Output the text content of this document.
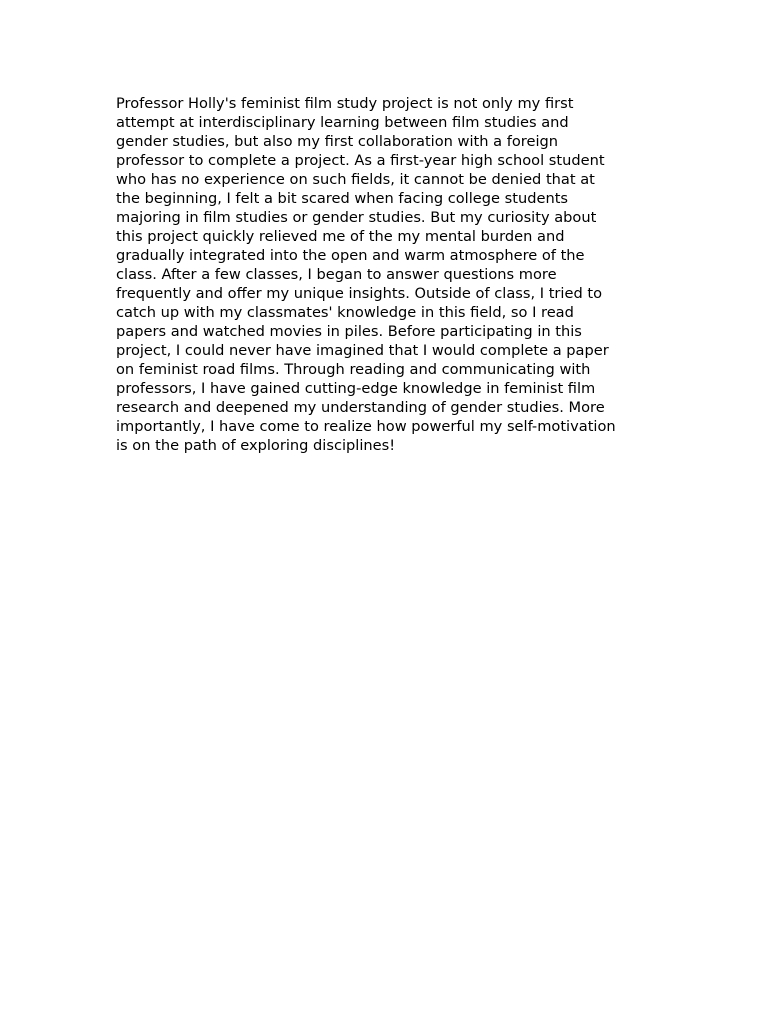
Professor Holly's feminist film study project is not only my first
attempt at interdisciplinary learning between film studies and
gender studies, but also my first collaboration with a foreign
professor to complete a project. As a first-year high school student
who has no experience on such fields, it cannot be denied that at
the beginning, I felt a bit scared when facing college students
majoring in film studies or gender studies. But my curiosity about
this project quickly relieved me of the my mental burden and
gradually integrated into the open and warm atmosphere of the
class. After a few classes, I began to answer questions more
frequently and offer my unique insights. Outside of class, I tried to
catch up with my classmates' knowledge in this field, so I read
papers and watched movies in piles. Before participating in this
project, I could never have imagined that I would complete a paper
on feminist road films. Through reading and communicating with
professors, I have gained cutting-edge knowledge in feminist film
research and deepened my understanding of gender studies. More
importantly, I have come to realize how powerful my self-motivation
is on the path of exploring disciplines!
